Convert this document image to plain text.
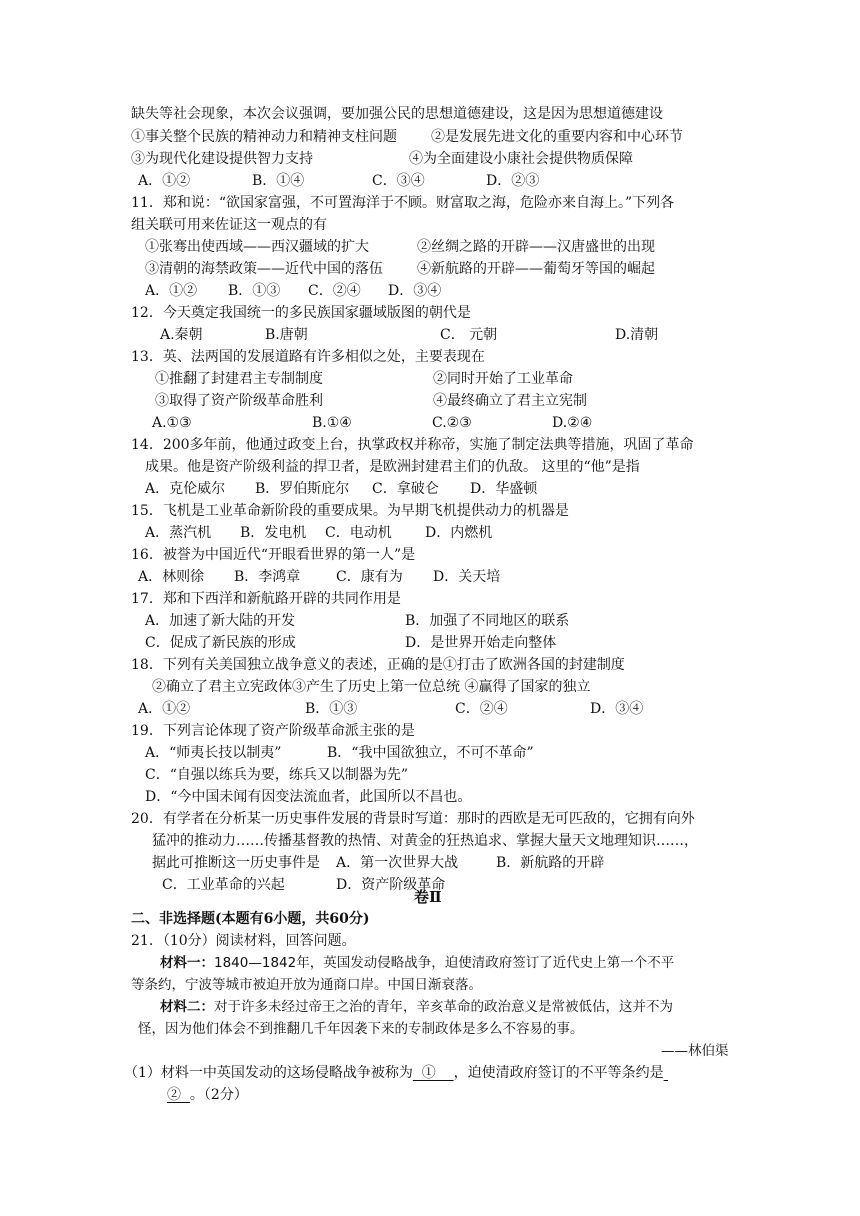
缺失等社会现象，本次会议强调，要加强公民的思想道德建设，这是因为思想道德建设
①事关整个民族的精神动力和精神支柱问题 ②是发展先进文化的重要内容和中心环节
③为现代化建设提供智力支持	④为全面建设小康社会提供物质保障
A．①②	B．①④	C．③④	D．②③
11．郑和说：“欲国家富强，不可置海洋于不顾。财富取之海，危险亦来自海上。”下列各
组关联可用来佐证这一观点的有
①张骞出使西域——西汉疆域的扩大	②丝绸之路的开辟——汉唐盛世的出现
③清朝的海禁政策——近代中国的落伍 ④新航路的开辟——葡萄牙等国的崛起
A．①② B．①③ C．②④ D．③④
12．今天奠定我国统一的多民族国家疆域版图的朝代是
A.秦朝	B.唐朝	C． 元朝	D.清朝
13．英、法两国的发展道路有许多相似之处，主要表现在
①推翻了封建君主专制制度	②同时开始了工业革命
③取得了资产阶级革命胜利	④最终确立了君主立宪制
A.①③	B.①④	C.②③	D.②④
14．200多年前，他通过政变上台，执掌政权并称帝，实施了制定法典等措施，巩固了革命
成果。他是资产阶级利益的捍卫者，是欧洲封建君主们的仇敌。 这里的“他”是指
A．克伦威尔 B．罗伯斯庇尔 C．拿破仑 D．华盛顿
15．飞机是工业革命新阶段的重要成果。为早期飞机提供动力的机器是
A．蒸汽机 B．发电机 C．电动机 D．内燃机
16．被誉为中国近代“开眼看世界的第一人”是
A．林则徐 B．李鸿章	C．康有为 D．关天培
17．郑和下西洋和新航路开辟的共同作用是
A．加速了新大陆的开发	B．加强了不同地区的联系
C．促成了新民族的形成	D．是世界开始走向整体
18．下列有关美国独立战争意义的表述，正确的是①打击了欧洲各国的封建制度
②确立了君主立宪政体③产生了历史上第一位总统 ④赢得了国家的独立
A．①②	B．①③	C．②④	D．③④
19．下列言论体现了资产阶级革命派主张的是
A．“师夷长技以制夷”	B．“我中国欲独立，不可不革命”
C．“自强以练兵为要，练兵又以制器为先”
D．“今中国未闻有因变法流血者，此国所以不昌也。
20．有学者在分析某一历史事件发展的背景时写道：那时的西欧是无可匹敌的，它拥有向外
猛冲的推动力……传播基督教的热情、对黄金的狂热追求、掌握大量天文地理知识……，
据此可推断这一历史事件是 A．第一次世界大战	B．新航路的开辟
C．工业革命的兴起	D．资产阶级革命
卷Ⅱ
二、非选择题(本题有6小题，共60分)
21．（10分）阅读材料，回答问题。
材料一：1840—1842年，英国发动侵略战争，迫使清政府签订了近代史上第一个不平
等条约，宁波等城市被迫开放为通商口岸。中国日渐衰落。
材料二：对于许多未经过帝王之治的青年，辛亥革命的政治意义是常被低估，这并不为
怪，因为他们体会不到推翻几千年因袭下来的专制政体是多么不容易的事。
——林伯渠
（1）材料一中英国发动的这场侵略战争被称为  ①    ，迫使清政府签订的不平等条约是
②  。（2分）
